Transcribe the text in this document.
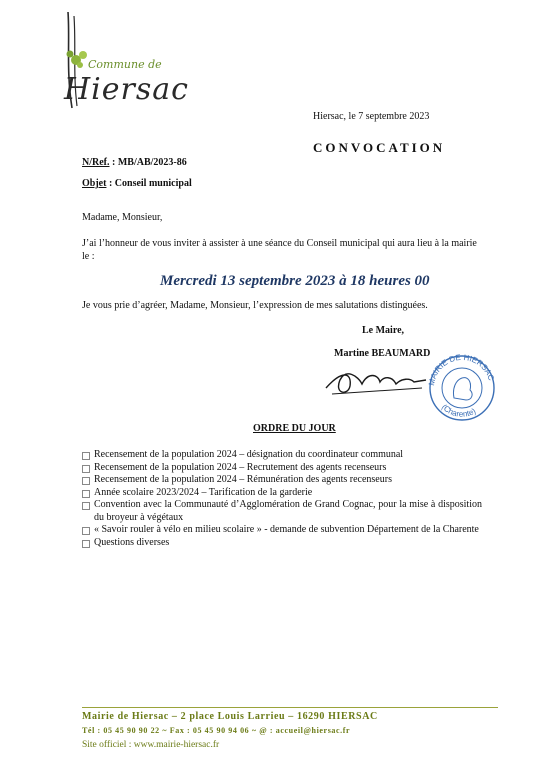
Commune de
Hiersac
Hiersac, le 7 septembre 2023
CONVOCATION
N/Ref. : MB/AB/2023-86
Objet : Conseil municipal
Madame, Monsieur,
J’ai l’honneur de vous inviter à assister à une séance du Conseil municipal qui aura lieu à la mairie le :
Mercredi 13 septembre 2023 à 18 heures 00
Je vous prie d’agréer, Madame, Monsieur, l’expression de mes salutations distinguées.
Le Maire,
Martine BEAUMARD
MAIRIE DE HIERSAC
(Charente)
ORDRE DU JOUR
Recensement de la population 2024 – désignation du coordinateur communal
Recensement de la population 2024 – Recrutement des agents recenseurs
Recensement de la population 2024 – Rémunération des agents recenseurs
Année scolaire 2023/2024 – Tarification de la garderie
Convention avec la Communauté d’Agglomération de Grand Cognac, pour la mise à disposition du broyeur à végétaux
« Savoir rouler à vélo en milieu scolaire » - demande de subvention Département de la Charente
Questions diverses
Mairie de Hiersac – 2 place Louis Larrieu – 16290 HIERSAC
Tél : 05 45 90 90 22 ~ Fax : 05 45 90 94 06 ~ @ : accueil@hiersac.fr
Site officiel : www.mairie-hiersac.fr
